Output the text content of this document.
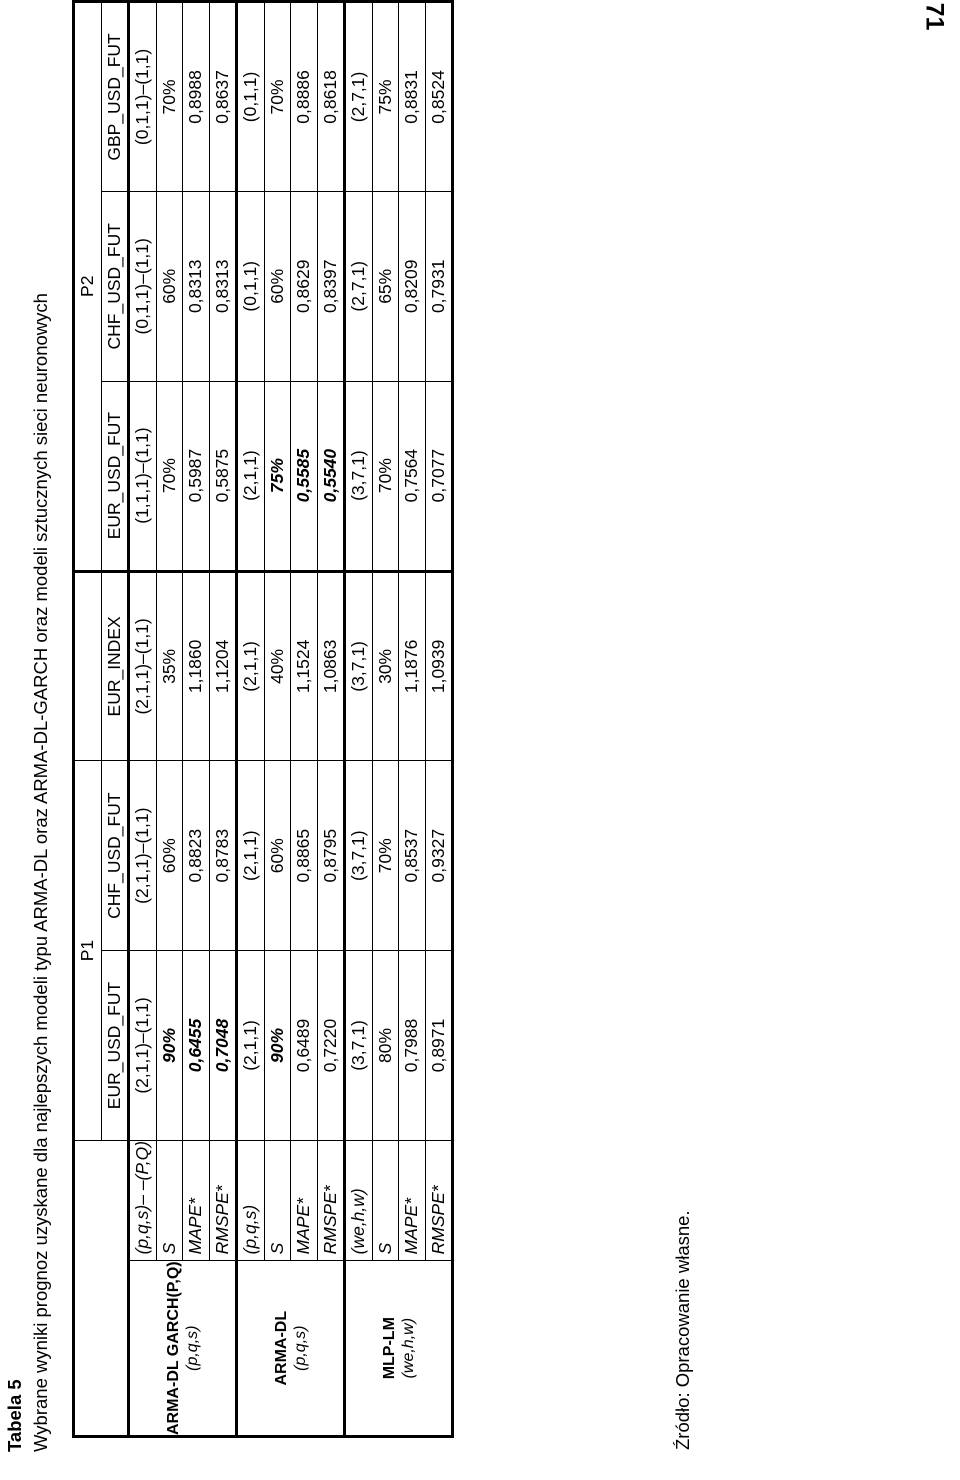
71
Tabela 5 Wybrane wyniki prognoz uzyskane dla najlepszych modeli typu ARMA-DL oraz ARMA-DL-GARCH oraz modeli sztucznych sieci neuronowych
		P1			P2		
		EUR_USD_FUT	CHF_USD_FUT	EUR_INDEX	EUR_USD_FUT	CHF_USD_FUT	GBP_USD_FUT
ARMA-DL GARCH(P,Q) (p,q,s)	(p,q,s)– –(P,Q)	(2,1,1)–(1,1)	(2,1,1)–(1,1)	(2,1,1)–(1,1)	(1,1,1)–(1,1)	(0,1,1)–(1,1)	(0,1,1)–(1,1)
	S	90%	60%	35%	70%	60%	70%
	MAPE*	0,6455	0,8823	1,1860	0,5987	0,8313	0,8988
	RMSPE*	0,7048	0,8783	1,1204	0,5875	0,8313	0,8637
ARMA-DL (p,q,s)	(p,q,s)	(2,1,1)	(2,1,1)	(2,1,1)	(2,1,1)	(0,1,1)	(0,1,1)
	S	90%	60%	40%	75%	60%	70%
	MAPE*	0,6489	0,8865	1,1524	0,5585	0,8629	0,8886
	RMSPE*	0,7220	0,8795	1,0863	0,5540	0,8397	0,8618
MLP-LM (we,h,w)	(we,h,w)	(3,7,1)	(3,7,1)	(3,7,1)	(3,7,1)	(2,7,1)	(2,7,1)
	S	80%	70%	30%	70%	65%	75%
	MAPE*	0,7988	0,8537	1,1876	0,7564	0,8209	0,8831
	RMSPE*	0,8971	0,9327	1,0939	0,7077	0,7931	0,8524
Źródło: Opracowanie własne.
